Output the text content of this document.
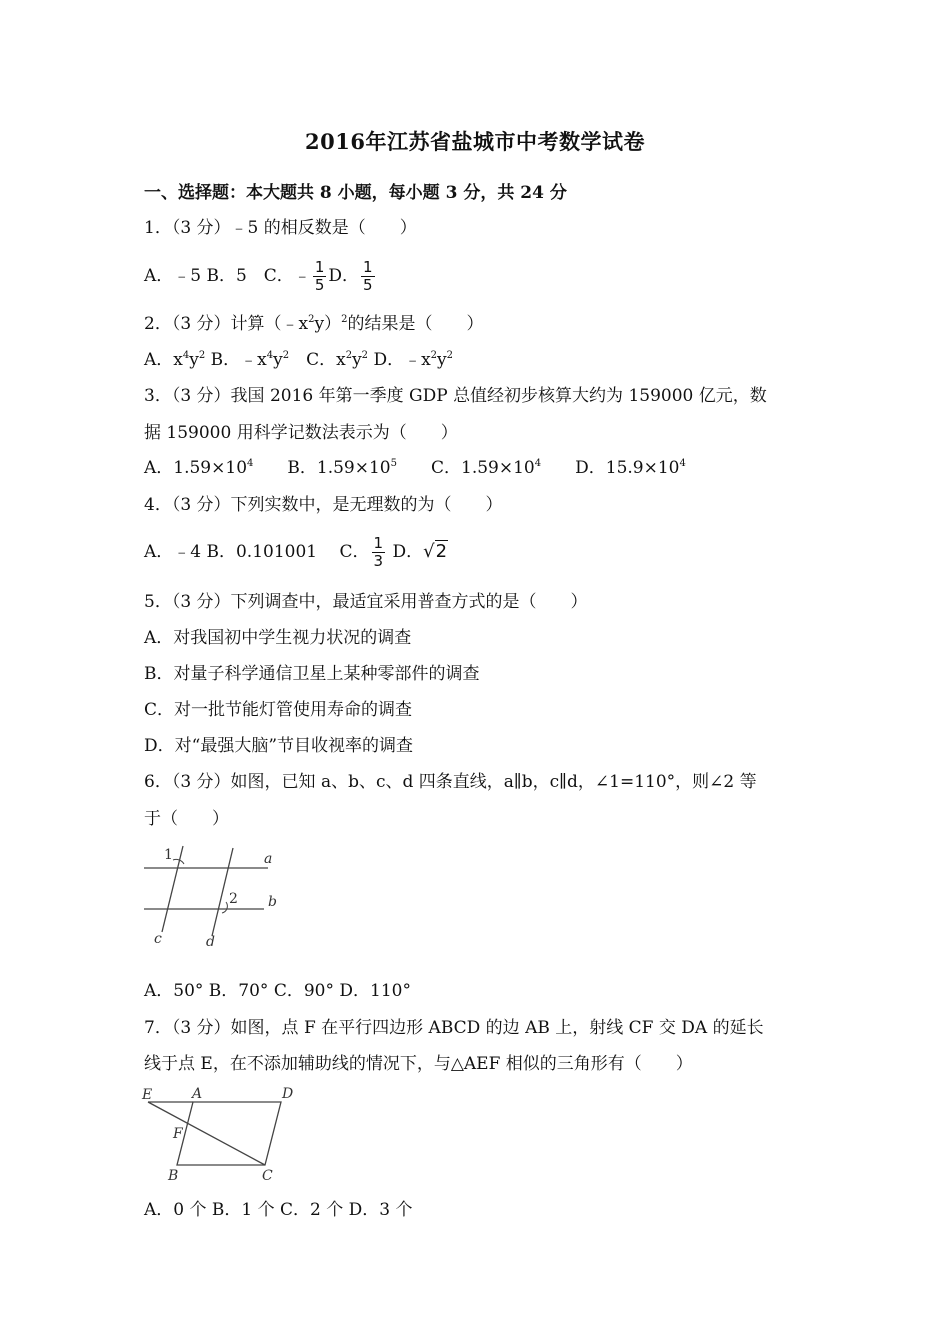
2016年江苏省盐城市中考数学试卷
一、选择题：本大题共 8 小题，每小题 3 分，共 24 分
1．（3 分）﹣5 的相反数是（　　）
A．﹣5 B．5　C．﹣ $\frac{1}{5}$ D． $\frac{1}{5}$
2．（3 分）计算$(﹣x^2y)^2$的结果是（　　）
A．$x^4y^2$ B．$﹣x^4y^2$　C．$x^2y^2$ D．$﹣x^2y^2$
3．（3 分）我国 2016 年第一季度 GDP 总值经初步核算大约为 159000 亿元，数
据 159000 用科学记数法表示为（　　）
A．$1.59\times 10^4$　　B．$1.59\times 10^5$　　C．$1.59\times 10^4$　　D．$15.9\times 10^4$
4．（3 分）下列实数中，是无理数的为（　　）
A．﹣4 B．0.101001　 C． $\frac{1}{3}$ D．√2
5．（3 分）下列调查中，最适宜采用普查方式的是（　　）
A．对我国初中学生视力状况的调查
B．对量子科学通信卫星上某种零部件的调查
C．对一批节能灯管使用寿命的调查
D．对“最强大脑”节目收视率的调查
6．（3 分）如图，已知 a、b、c、d 四条直线，a∥b，c∥d，∠1=110°，则∠2 等
于（　　）
1
2
a
b
c	d
A．50° B．70° C．90° D．110°
7．（3 分）如图，点 F 在平行四边形 ABCD 的边 AB 上，射线 CF 交 DA 的延长
线于点 E，在不添加辅助线的情况下，与△AEF 相似的三角形有（　　）
E	A	D
F
B	C
A．0 个 B．1 个 C．2 个 D．3 个
